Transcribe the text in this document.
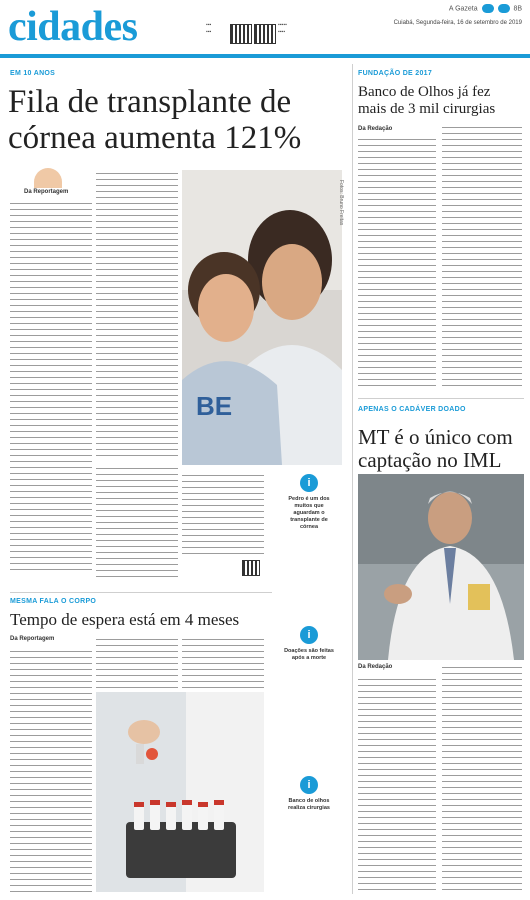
cidades	▪▪▪
▪▪▪
▪▪▪▪▪
▪▪▪▪
A Gazeta	8B
Cuiabá, Segunda-feira, 16 de setembro de 2019
EM 10 ANOS
Fila de transplante de
córnea aumenta 121%
Da Reportagem
BE
Fotos: Bruno Freitas
i
Pedro é um dos muitos que aguardam o transplante de córnea
i
Doações são feitas após a morte
i
Banco de olhos realiza cirurgias
MESMA FALA O CORPO
Tempo de espera está em 4 meses
Da Reportagem
FUNDAÇÃO DE 2017
Banco de Olhos já fez
mais de 3 mil cirurgias
Da Redação
APENAS O CADÁVER DOADO
MT é o único com
captação no IML
Da Redação
